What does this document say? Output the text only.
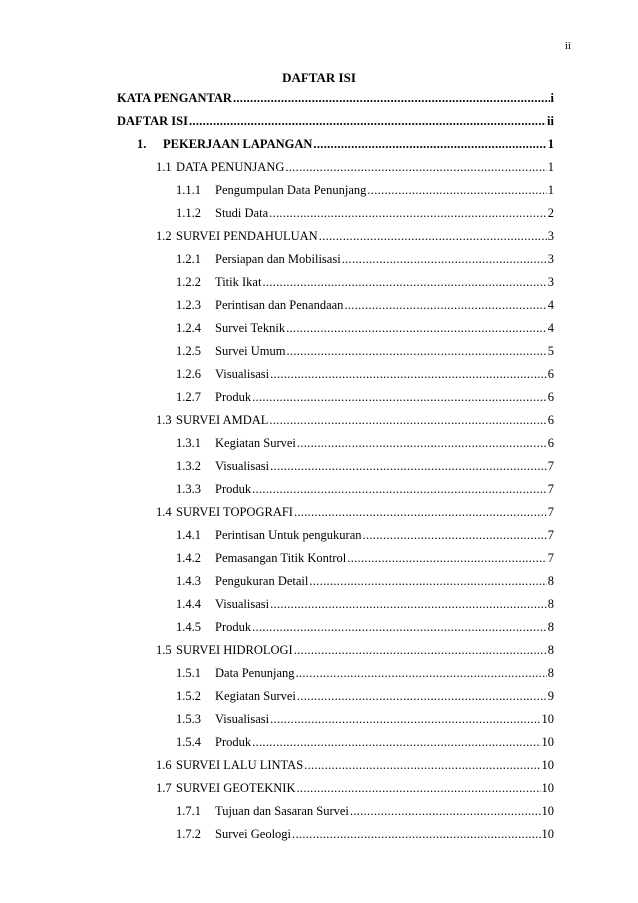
ii
DAFTAR ISI
KATA PENGANTAR .....	i
DAFTAR ISI .....	ii
1.	PEKERJAAN LAPANGAN .....	1
1.1 DATA PENUNJANG .....	1
1.1.1	Pengumpulan Data Penunjang .....	1
1.1.2	Studi Data .....	2
1.2 SURVEI PENDAHULUAN .....	3
1.2.1	Persiapan dan Mobilisasi .....	3
1.2.2	Titik Ikat .....	3
1.2.3	Perintisan dan Penandaan .....	4
1.2.4	Survei Teknik .....	4
1.2.5	Survei Umum .....	5
1.2.6	Visualisasi .....	6
1.2.7	Produk .....	6
1.3 SURVEI AMDAL .....	6
1.3.1	Kegiatan Survei .....	6
1.3.2	Visualisasi .....	7
1.3.3	Produk .....	7
1.4 SURVEI TOPOGRAFI .....	7
1.4.1	Perintisan Untuk pengukuran .....	7
1.4.2	Pemasangan Titik Kontrol .....	7
1.4.3	Pengukuran Detail .....	8
1.4.4	Visualisasi .....	8
1.4.5	Produk .....	8
1.5 SURVEI HIDROLOGI .....	8
1.5.1	Data Penunjang .....	8
1.5.2	Kegiatan Survei .....	9
1.5.3	Visualisasi .....	10
1.5.4	Produk .....	10
1.6 SURVEI LALU LINTAS .....	10
1.7 SURVEI GEOTEKNIK .....	10
1.7.1	Tujuan dan Sasaran Survei .....	10
1.7.2	Survei Geologi .....	10
